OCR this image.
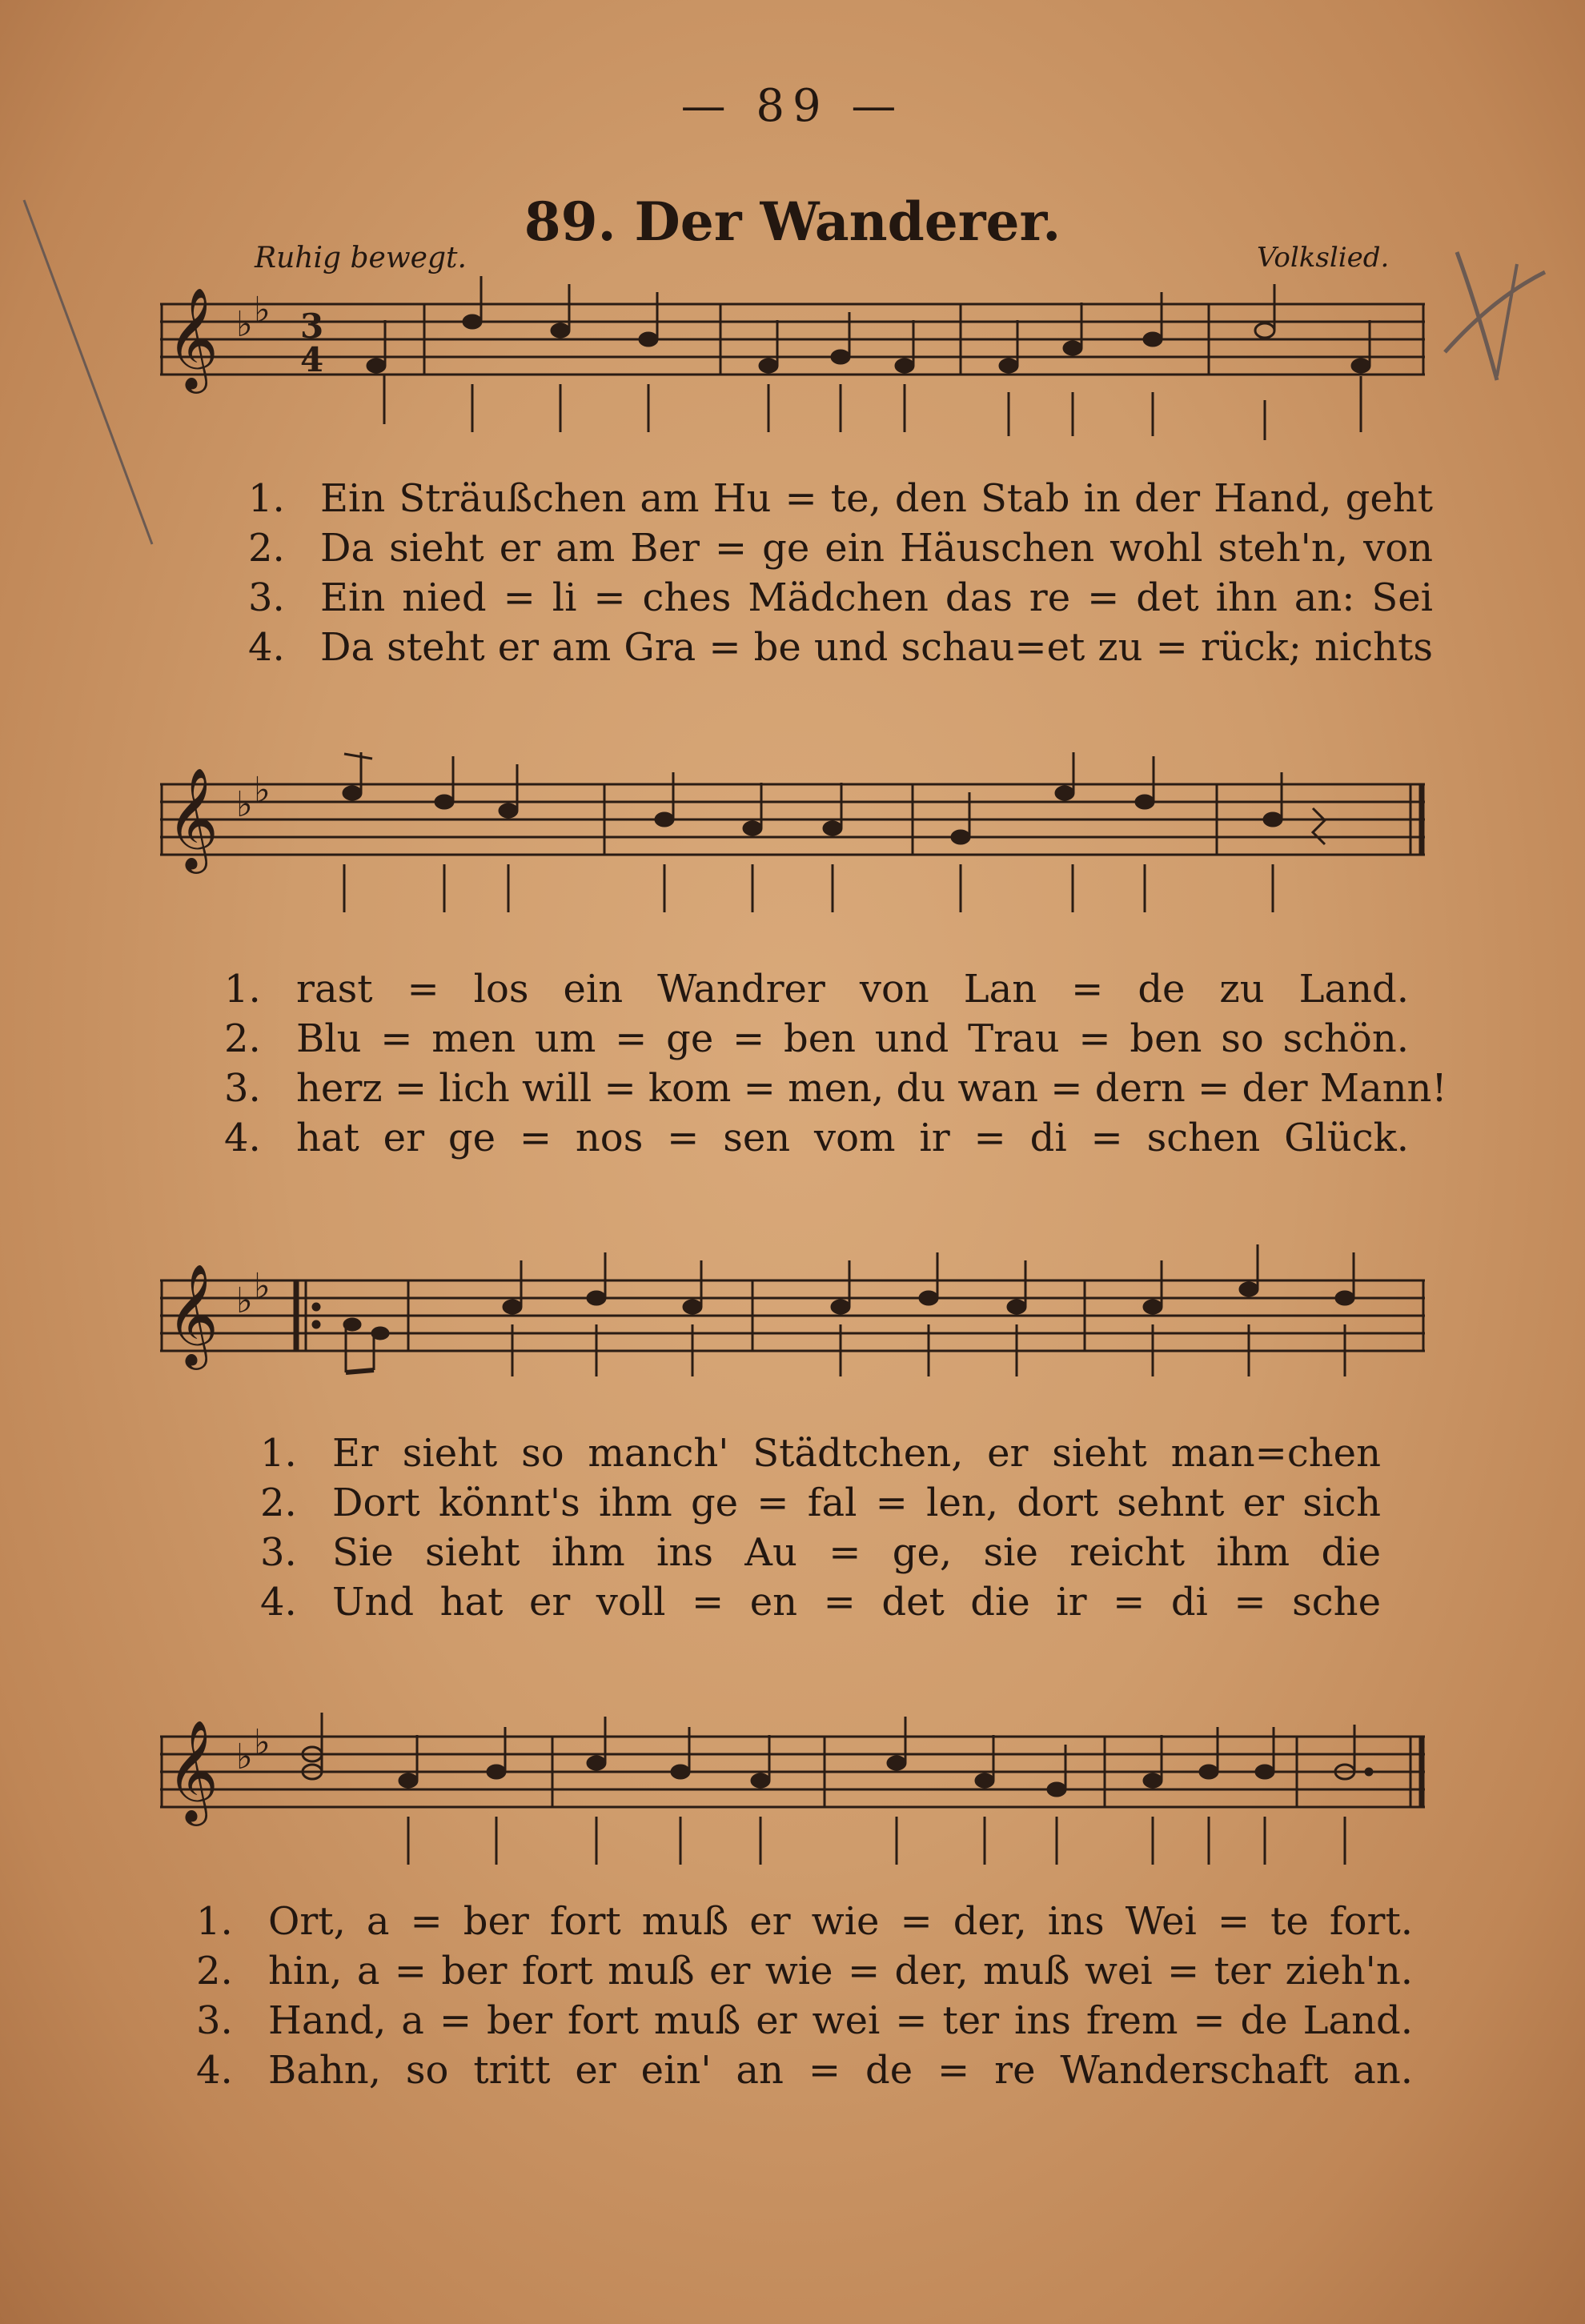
— 89 —
89. Der Wanderer.
Ruhig bewegt.	Volkslied.
𝄞 ♭ ♭ 3
4
1. Ein Sträußchen am Hu = te, den Stab in der Hand, geht
2. Da sieht er am Ber = ge ein Häuschen wohl steh'n, von
3. Ein nied = li = ches Mädchen das re = det ihn an: Sei
4. Da steht er am Gra = be und schau=et zu = rück; nichts
𝄞 ♭ ♭
1. rast = los ein Wandrer von Lan = de zu Land.
2. Blu = men um = ge = ben und Trau = ben so schön.
3. herz = lich will = kom = men, du wan = dern = der Mann!
4. hat er ge = nos = sen vom ir = di = schen Glück.
𝄞 ♭ ♭
1. Er sieht so manch' Städtchen, er sieht man=chen
2. Dort könnt's ihm ge = fal = len, dort sehnt er sich
3. Sie sieht ihm ins Au = ge, sie reicht ihm die
4. Und hat er voll = en = det die ir = di = sche
𝄞 ♭ ♭
1. Ort, a = ber fort muß er wie = der, ins Wei = te fort.
2. hin, a = ber fort muß er wie = der, muß wei = ter zieh'n.
3. Hand, a = ber fort muß er wei = ter ins frem = de Land.
4. Bahn, so tritt er ein' an = de = re Wanderschaft an.
